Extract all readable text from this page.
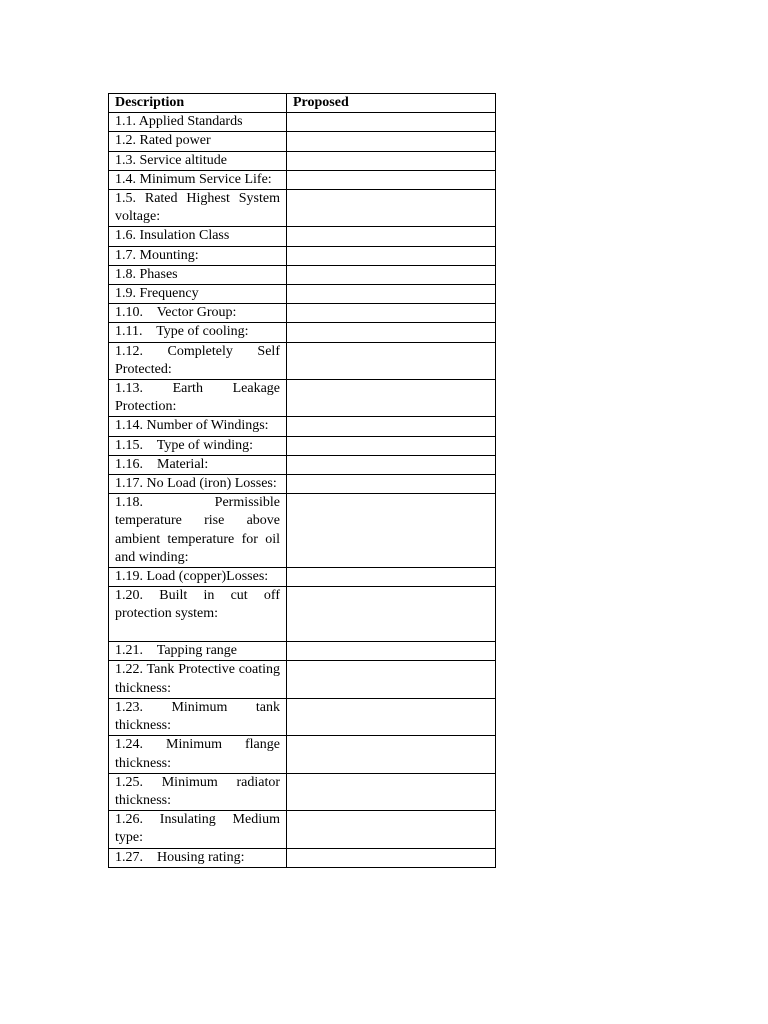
Description	Proposed
1.1. Applied Standards	
1.2. Rated power	
1.3. Service altitude	
1.4. Minimum Service Life:	
1.5. Rated Highest System voltage:	
1.6. Insulation Class	
1.7. Mounting:	
1.8. Phases	
1.9. Frequency	
1.10.    Vector Group:	
1.11.    Type of cooling:	
1.12. Completely Self Protected:	
1.13. Earth Leakage Protection:	
1.14. Number of Windings:	
1.15.    Type of winding:	
1.16.    Material:	
1.17. No Load (iron) Losses:	
1.18. Permissible temperature rise above ambient temperature for oil and winding:	
1.19. Load (copper)Losses:	
1.20. Built in cut off protection system:	
1.21.    Tapping range	
1.22. Tank Protective coating thickness:	
1.23. Minimum tank thickness:	
1.24. Minimum flange thickness:	
1.25. Minimum radiator thickness:	
1.26. Insulating Medium type:	
1.27.    Housing rating:	
